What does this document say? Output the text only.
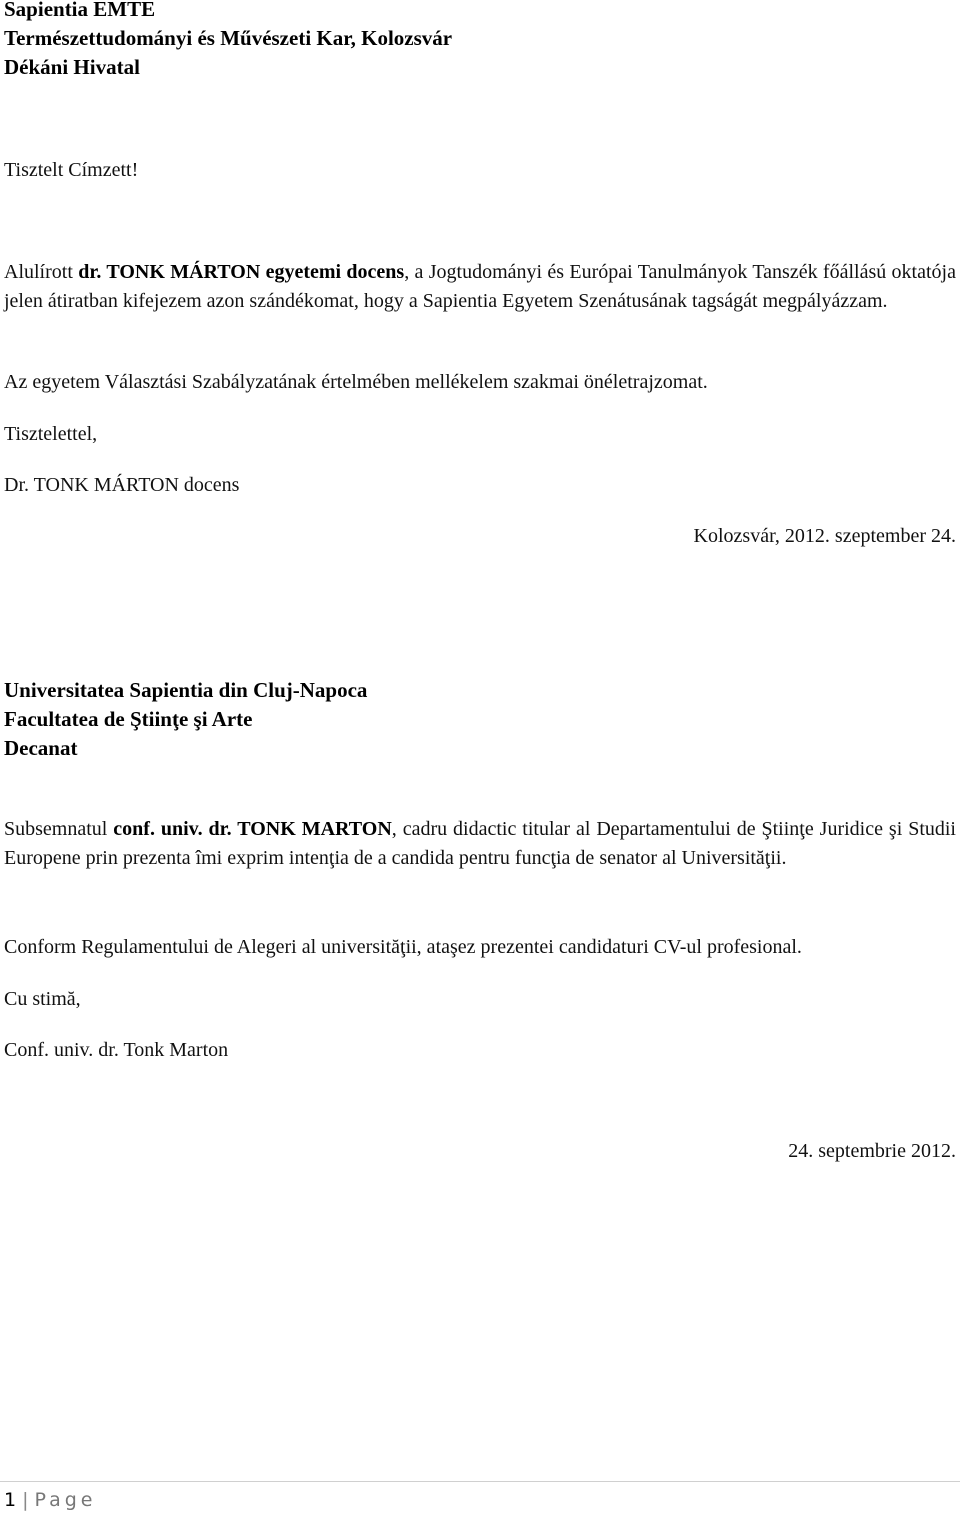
Sapientia EMTE
Természettudományi és Művészeti Kar, Kolozsvár
Dékáni Hivatal
Tisztelt Címzett!
Alulírott dr. TONK MÁRTON egyetemi docens, a Jogtudományi és Európai Tanulmányok Tanszék főállású oktatója jelen átiratban kifejezem azon szándékomat, hogy a Sapientia Egyetem Szenátusának tagságát megpályázzam.
Az egyetem Választási Szabályzatának értelmében mellékelem szakmai önéletrajzomat.
Tisztelettel,
Dr. TONK MÁRTON docens
Kolozsvár, 2012. szeptember 24.
Universitatea Sapientia din Cluj-Napoca
Facultatea de Ştiinţe şi Arte
Decanat
Subsemnatul conf. univ. dr. TONK MARTON, cadru didactic titular al Departamentului de Ştiinţe Juridice şi Studii Europene prin prezenta îmi exprim intenţia de a candida pentru funcţia de senator al Universităţii.
Conform Regulamentului de Alegeri al universităţii, ataşez prezentei candidaturi CV-ul profesional.
Cu stimă,
Conf. univ. dr. Tonk Marton
24. septembrie 2012.
1 | Page
